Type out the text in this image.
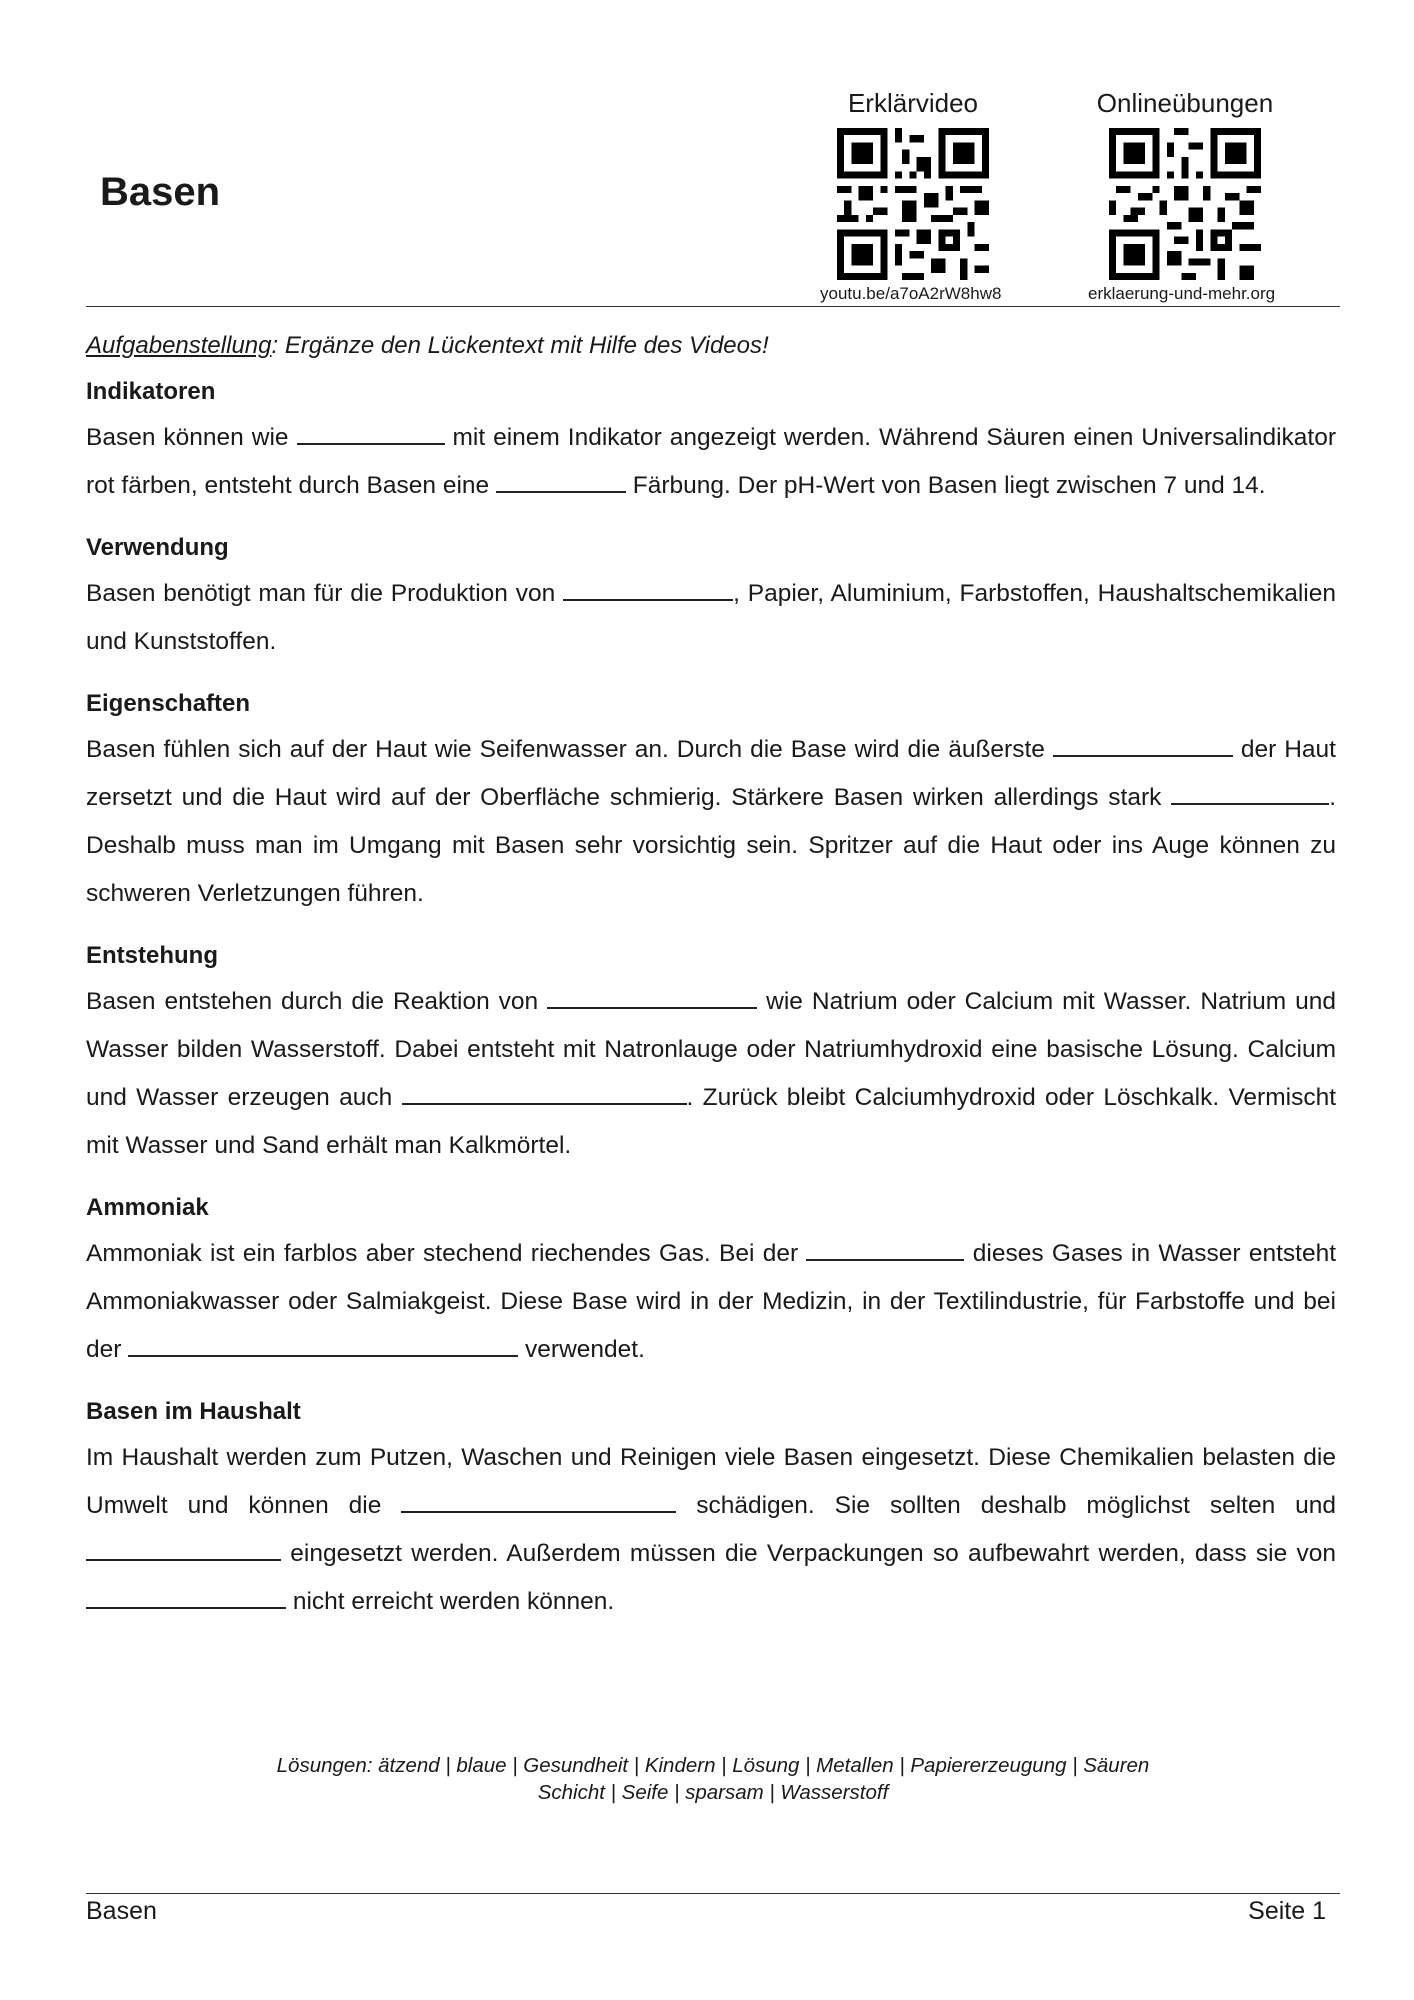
Basen
Erklärvideo
youtu.be/a7oA2rW8hw8
Onlineübungen
erklaerung-und-mehr.org

Aufgabenstellung: Ergänze den Lückentext mit Hilfe des Videos!

Indikatoren

Basen können wie	mit einem Indikator angezeigt werden. Während Säuren einen Universalindikator rot färben, entsteht durch Basen eine	Färbung. Der pH-Wert von Basen liegt zwischen 7 und 14.

Verwendung

Basen benötigt man für die Produktion von	, Papier, Aluminium, Farbstoffen, Haushaltschemikalien und Kunststoffen.

Eigenschaften

Basen fühlen sich auf der Haut wie Seifenwasser an. Durch die Base wird die äußerste	der Haut zersetzt und die Haut wird auf der Oberfläche schmierig. Stärkere Basen wirken allerdings stark	. Deshalb muss man im Umgang mit Basen sehr vorsichtig sein. Spritzer auf die Haut oder ins Auge können zu schweren Verletzungen führen.

Entstehung

Basen entstehen durch die Reaktion von	wie Natrium oder Calcium mit Wasser. Natrium und Wasser bilden Wasserstoff. Dabei entsteht mit Natronlauge oder Natriumhydroxid eine basische Lösung. Calcium und Wasser erzeugen auch	. Zurück bleibt Calciumhydroxid oder Löschkalk. Vermischt mit Wasser und Sand erhält man Kalkmörtel.

Ammoniak

Ammoniak ist ein farblos aber stechend riechendes Gas. Bei der	dieses Gases in Wasser entsteht Ammoniakwasser oder Salmiakgeist. Diese Base wird in der Medizin, in der Textilindustrie, für Farbstoffe und bei der	verwendet.

Basen im Haushalt

Im Haushalt werden zum Putzen, Waschen und Reinigen viele Basen eingesetzt. Diese Chemikalien belasten die Umwelt und können die	schädigen. Sie sollten deshalb möglichst selten und  eingesetzt werden. Außerdem müssen die Verpackungen so aufbewahrt werden, dass sie von  nicht erreicht werden können.

Lösungen: ätzend | blaue | Gesundheit | Kindern | Lösung | Metallen | Papiererzeugung | Säuren
Schicht | Seife | sparsam | Wasserstoff
Basen	Seite 1
